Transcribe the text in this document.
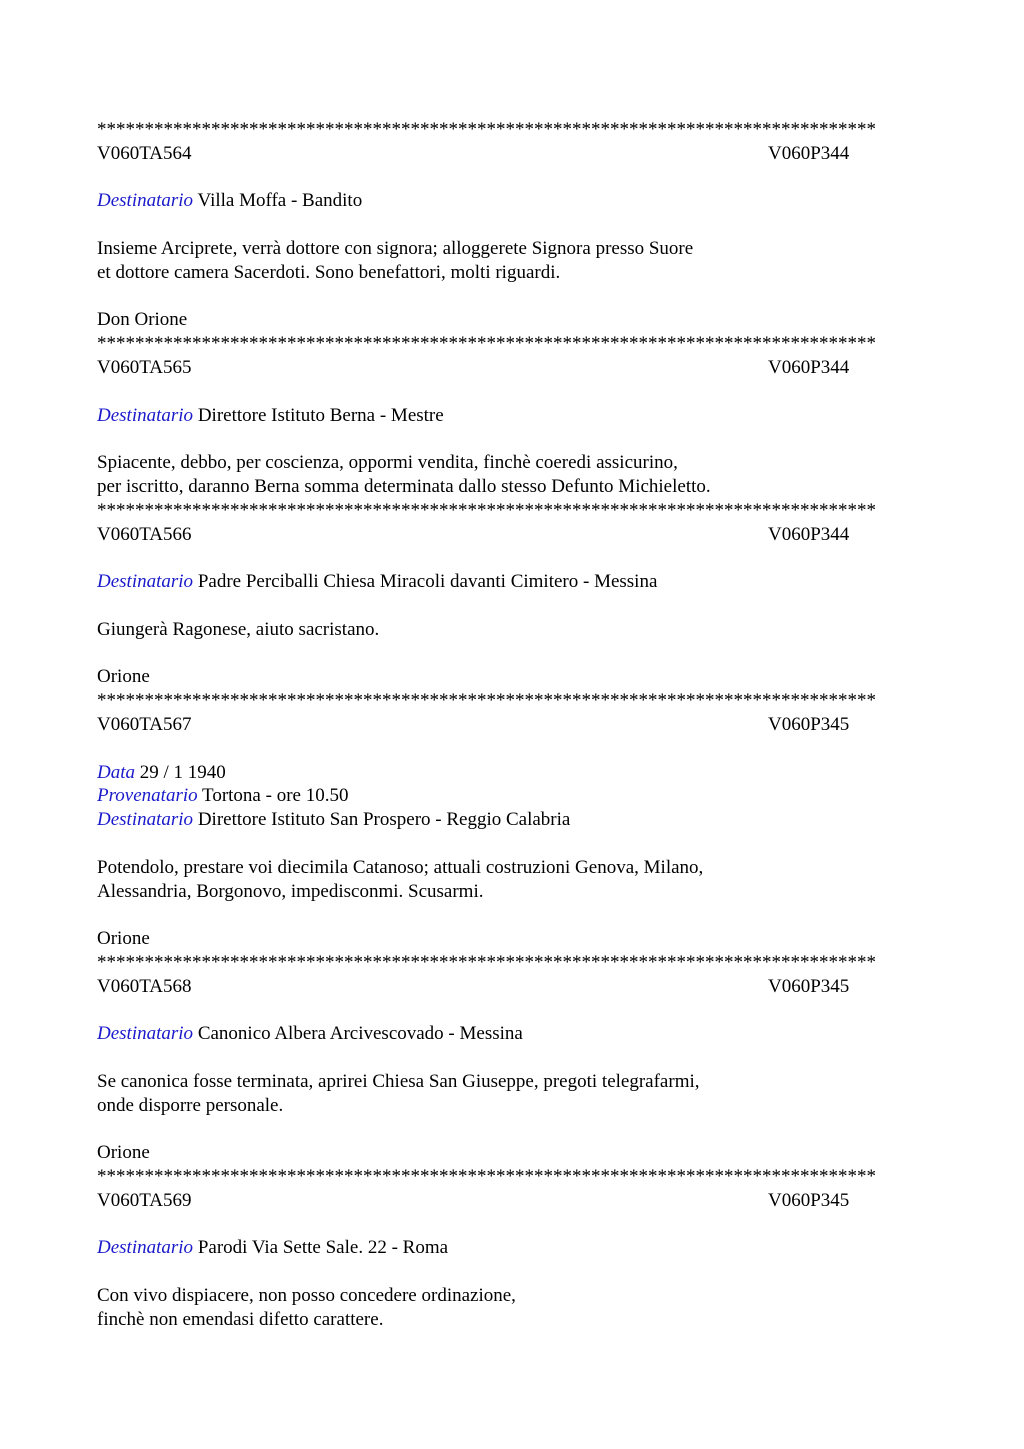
**********************************************************************************
V060TA564	V060P344
Destinatario Villa Moffa - Bandito
Insieme Arciprete, verrà dottore con signora; alloggerete Signora presso Suore
et dottore camera Sacerdoti. Sono benefattori, molti riguardi.
Don Orione
**********************************************************************************
V060TA565	V060P344
Destinatario Direttore Istituto Berna - Mestre
Spiacente, debbo, per coscienza, oppormi vendita, finchè coeredi assicurino,
per iscritto, daranno Berna somma determinata dallo stesso Defunto Michieletto.
**********************************************************************************
V060TA566	V060P344
Destinatario Padre Perciballi Chiesa Miracoli davanti Cimitero - Messina
Giungerà Ragonese, aiuto sacristano.
Orione
**********************************************************************************
V060TA567	V060P345
Data 29 / 1 1940
Provenatario Tortona - ore 10.50
Destinatario Direttore Istituto San Prospero - Reggio Calabria
Potendolo, prestare voi diecimila Catanoso; attuali costruzioni Genova, Milano,
Alessandria, Borgonovo, impedisconmi. Scusarmi.
Orione
**********************************************************************************
V060TA568	V060P345
Destinatario Canonico Albera Arcivescovado - Messina
Se canonica fosse terminata, aprirei Chiesa San Giuseppe, pregoti telegrafarmi,
onde disporre personale.
Orione
**********************************************************************************
V060TA569	V060P345
Destinatario Parodi Via Sette Sale. 22 - Roma
Con vivo dispiacere, non posso concedere ordinazione,
finchè non emendasi difetto carattere.
